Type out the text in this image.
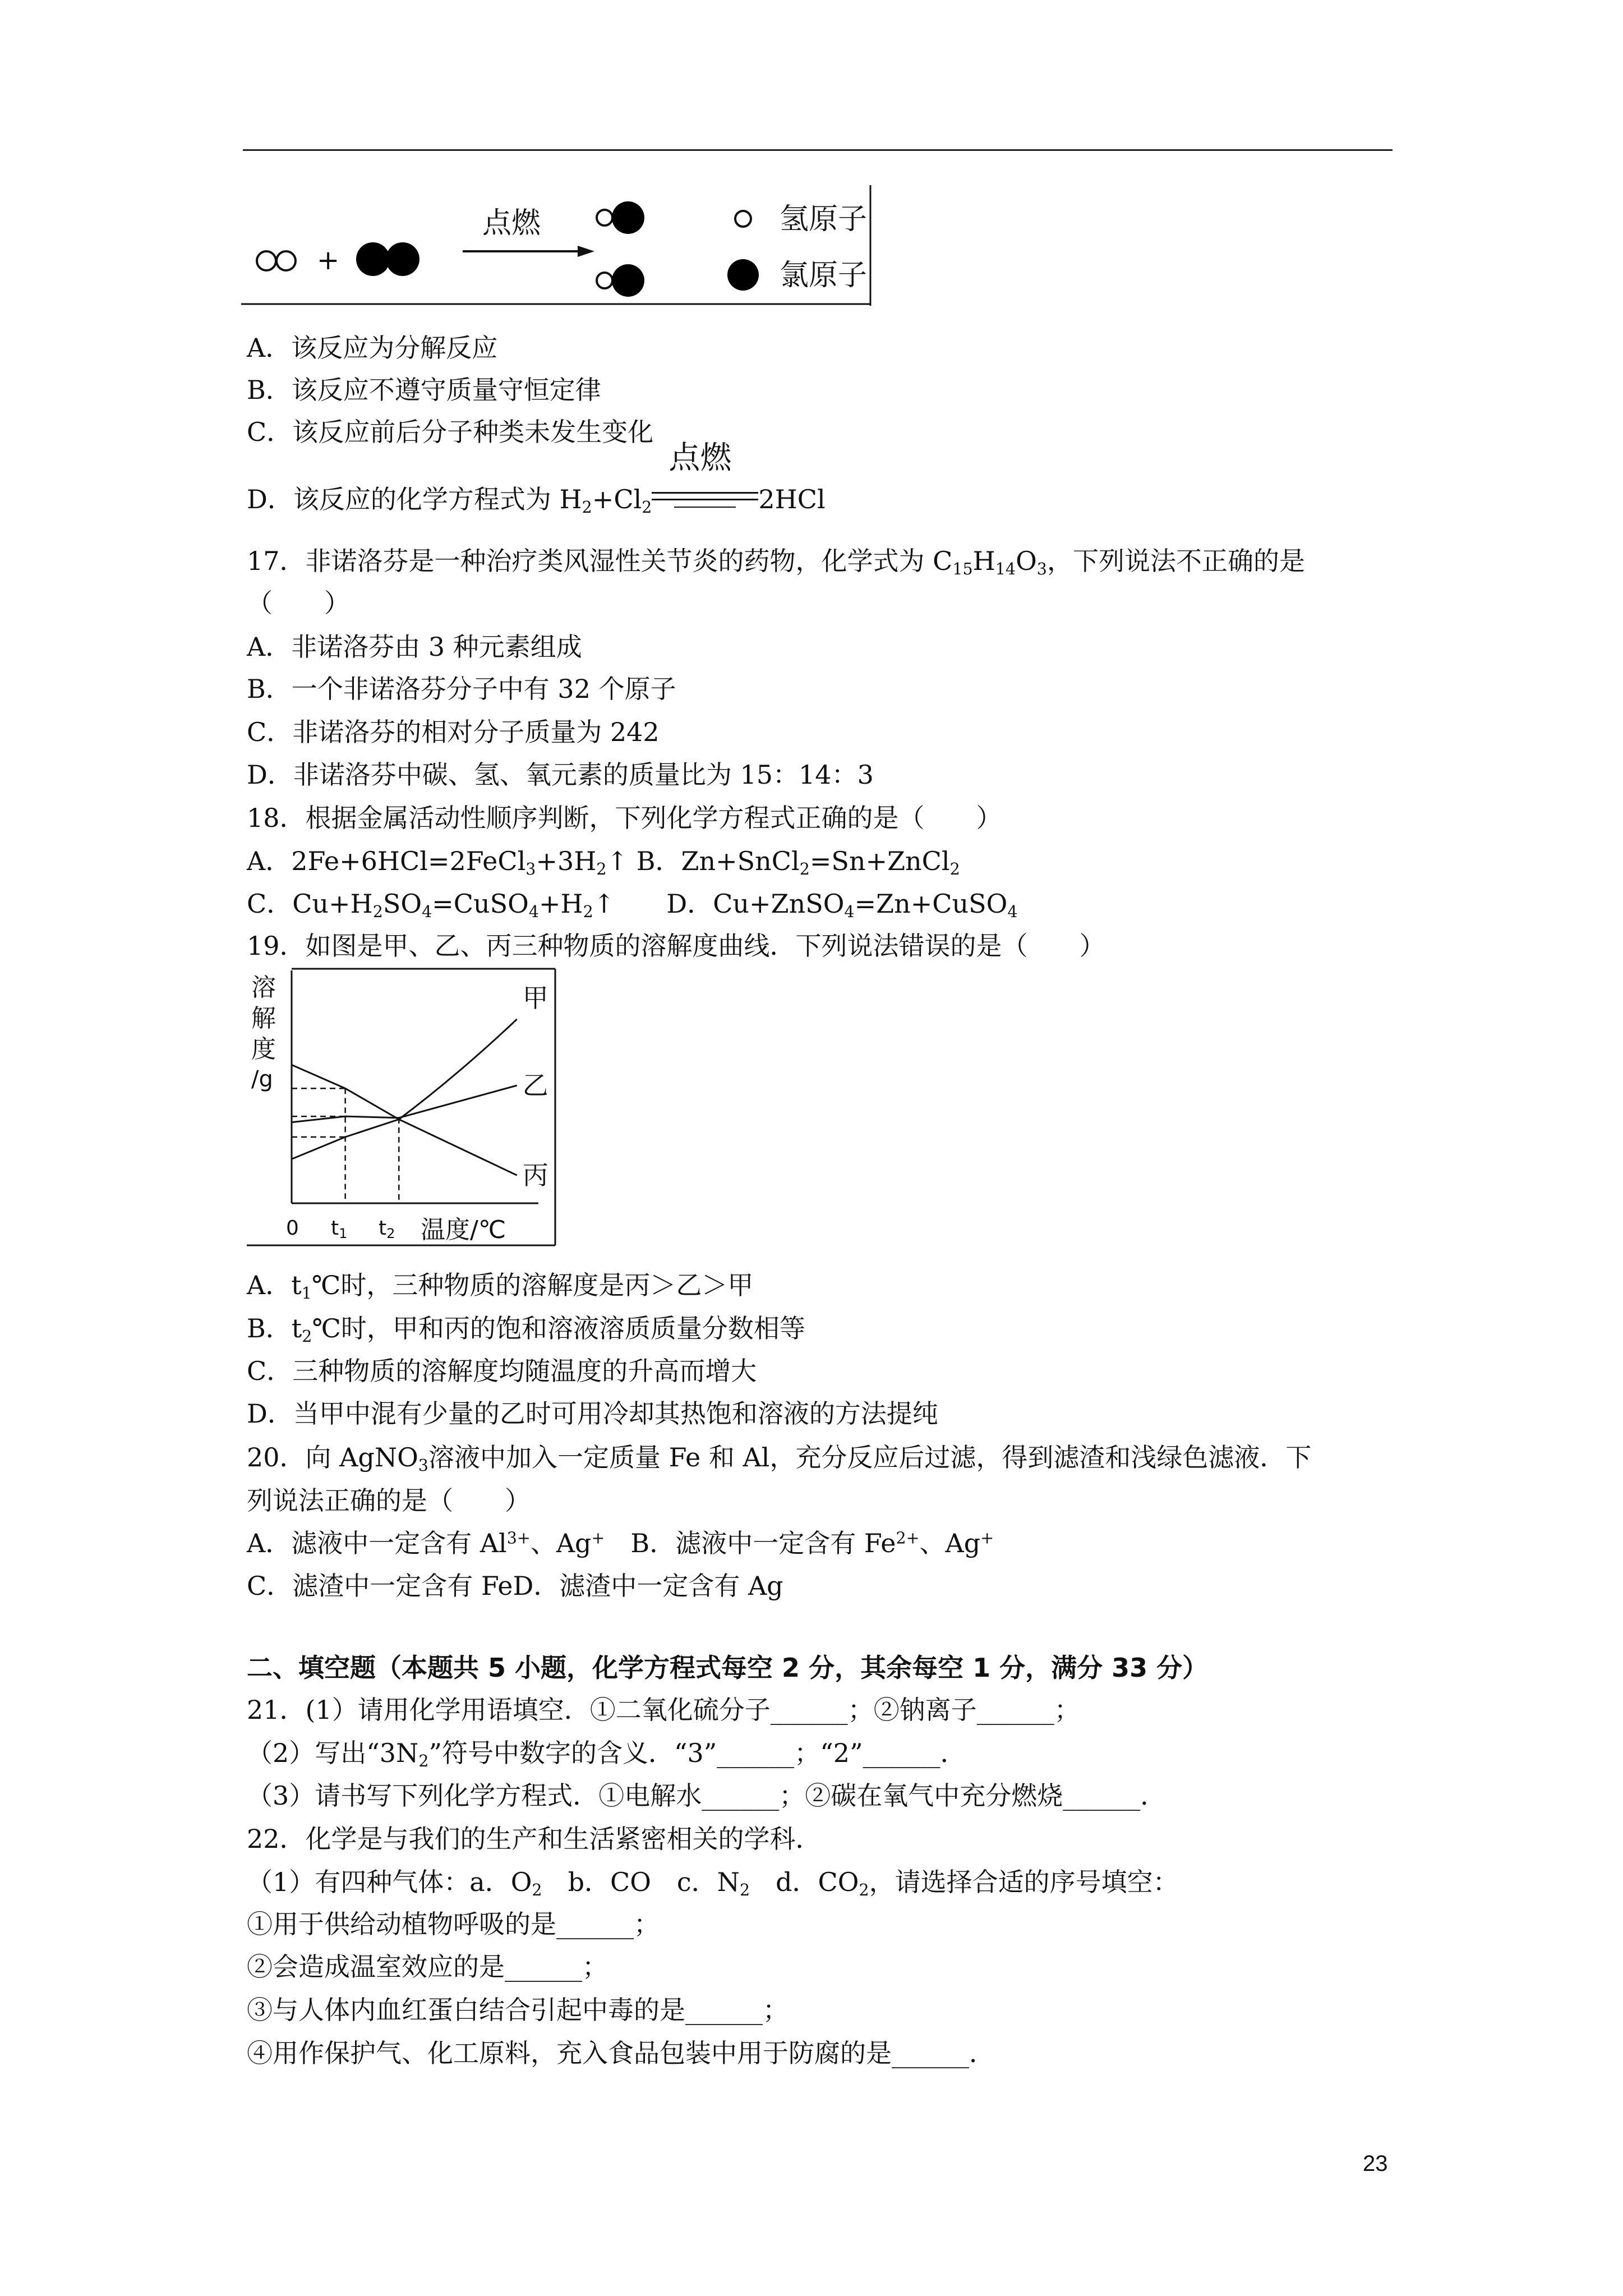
+
点燃	氢原子
氯原子
A．该反应为分解反应
B．该反应不遵守质量守恒定律
C．该反应前后分子种类未发生变化
D．该反应的化学方程式为 $H_2+Cl_2$
点燃
2HCl
17．非诺洛芬是一种治疗类风湿性关节炎的药物，化学式为 $C_{15}H_{14}O_3$，下列说法不正确的是
（　　）
A．非诺洛芬由 3 种元素组成
B．一个非诺洛芬分子中有 32 个原子
C．非诺洛芬的相对分子质量为 242
D．非诺洛芬中碳、氢、氧元素的质量比为 15：14：3
18．根据金属活动性顺序判断，下列化学方程式正确的是（　　）
A．$2Fe+6HCl=2FeCl_3+3H_2↑$ B．Zn+SnCl$_2$=Sn+ZnCl$_2$
C．$Cu+H_2SO_4=CuSO_4+H_2↑$　　D．Cu+ZnSO$_4$=Zn+CuSO$_4$
19．如图是甲、乙、丙三种物质的溶解度曲线．下列说法错误的是（　　）
溶
解
度
/g
甲
乙
丙
0 t1 t2 温度/℃
A．$t_1℃$时，三种物质的溶解度是丙＞乙＞甲
B．$t_2℃$时，甲和丙的饱和溶液溶质质量分数相等
C．三种物质的溶解度均随温度的升高而增大
D．当甲中混有少量的乙时可用冷却其热饱和溶液的方法提纯
20．向 AgNO$_3$溶液中加入一定质量 Fe 和 Al，充分反应后过滤，得到滤渣和浅绿色滤液．下
列说法正确的是（　　）
A．滤液中一定含有 $Al^{3+}$、Ag+　B．滤液中一定含有 $Fe^{2+}$、Ag+
C．滤渣中一定含有 FeD．滤渣中一定含有 Ag
二、填空题（本题共 5 小题，化学方程式每空 2 分，其余每空 1 分，满分 33 分）
21．(1）请用化学用语填空．①二氧化硫分子______；②钠离子______；
（2）写出“$3N_2$”符号中数字的含义．“3”______；“2”______．
（3）请书写下列化学方程式．①电解水______；②碳在氧气中充分燃烧______．
22．化学是与我们的生产和生活紧密相关的学科．
（1）有四种气体：a．$O_2$　b．CO　c．$N_2$　d．$CO_2$，请选择合适的序号填空：
①用于供给动植物呼吸的是______；
②会造成温室效应的是______；
③与人体内血红蛋白结合引起中毒的是______；
④用作保护气、化工原料，充入食品包装中用于防腐的是______．
23
